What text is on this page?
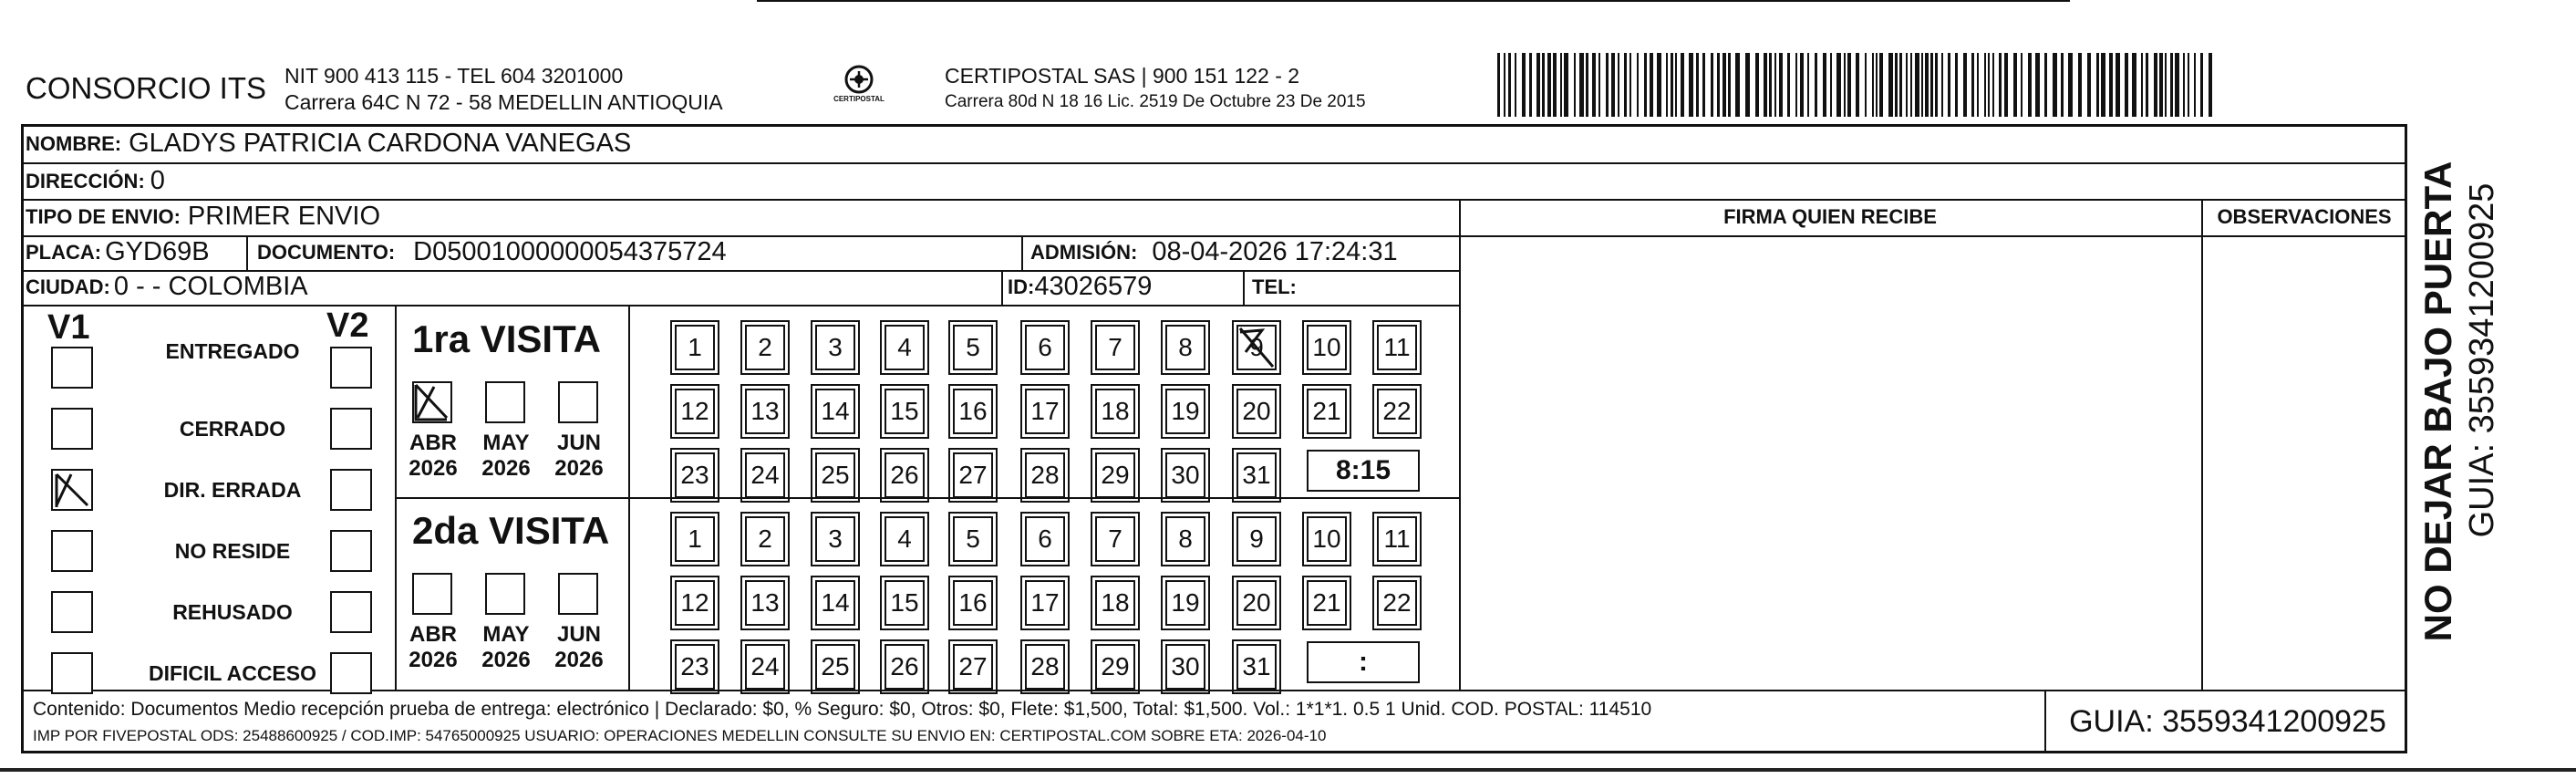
CONSORCIO ITS NIT 900 413 115 - TEL 604 3201000
Carrera 64C N 72 - 58 MEDELLIN ANTIOQUIA	CERTIPOSTAL
CERTIPOSTAL SAS | 900 151 122 - 2
Carrera 80d N 18 16 Lic. 2519 De Octubre 23 De 2015
NOMBRE: GLADYS PATRICIA CARDONA VANEGAS
DIRECCIÓN: 0
TIPO DE ENVIO: PRIMER ENVIO
PLACA: GYD69B DOCUMENTO: D05001000000054375724	ADMISIÓN: 08-04-2026 17:24:31
CIUDAD: 0 - - COLOMBIA	ID: 43026579	TEL:
FIRMA QUIEN RECIBE	OBSERVACIONES
V1	V2
ENTREGADO
CERRADO
DIR. ERRADA
NO RESIDE
REHUSADO
DIFICIL ACCESO
1ra VISITA
ABR
2026
MAY
2026
JUN
2026
1	2	3	4	5	6	7	8	9	10 11
12 13 14 15 16 17 18 19 20 21 22
23 24 25 26 27 28 29 30 31	8:15
2da VISITA
ABR
2026
MAY
2026
JUN
2026
1	2	3	4	5	6	7	8	9	10 11
12 13 14 15 16 17 18 19 20 21 22
23 24 25 26 27 28 29 30 31	:
Contenido: Documentos Medio recepción prueba de entrega: electrónico | Declarado: $0, % Seguro: $0, Otros: $0, Flete: $1,500, Total: $1,500. Vol.: 1*1*1. 0.5 1 Unid. COD. POSTAL: 114510
IMP POR FIVEPOSTAL ODS: 25488600925 / COD.IMP: 54765000925 USUARIO: OPERACIONES MEDELLIN CONSULTE SU ENVIO EN: CERTIPOSTAL.COM SOBRE ETA: 2026-04-10	GUIA: 3559341200925
NO DEJAR BAJO PUERTA GUIA: 3559341200925
